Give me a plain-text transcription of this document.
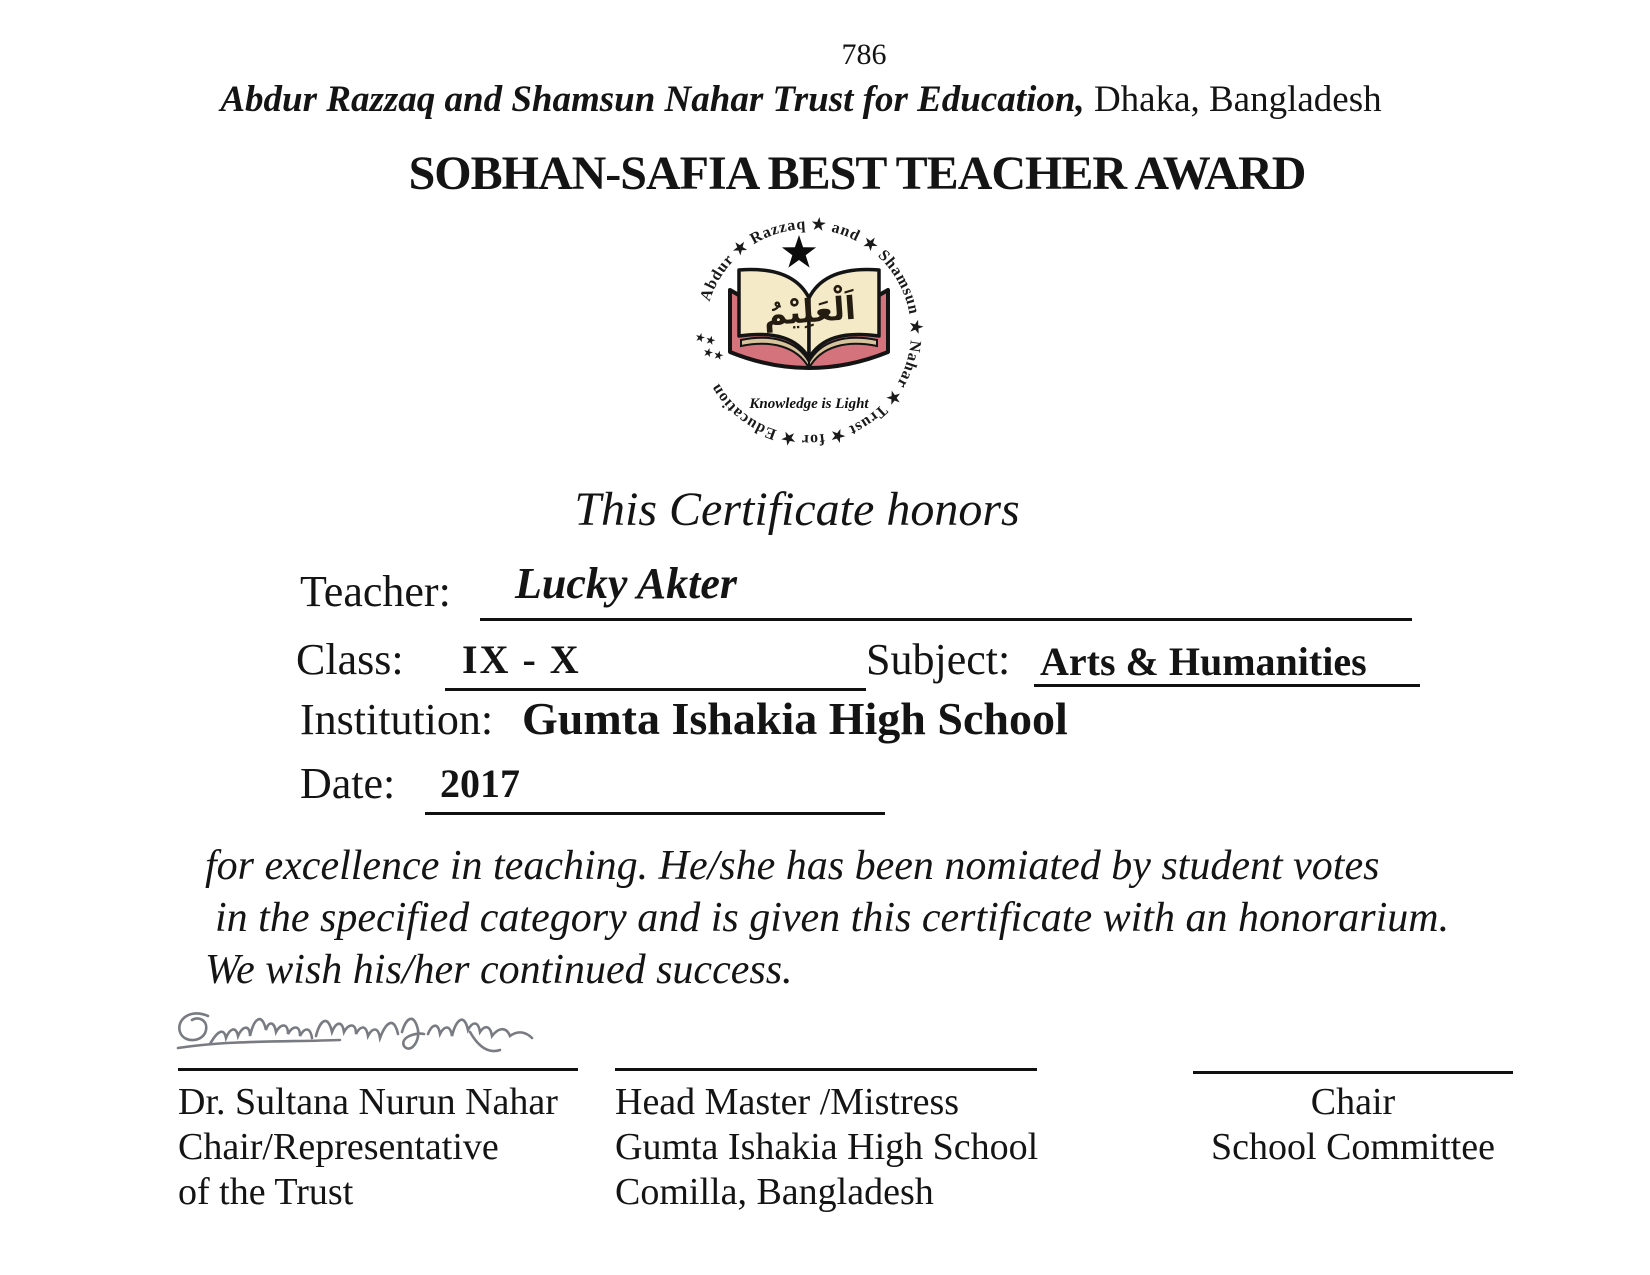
786
Abdur Razzaq and Shamsun Nahar Trust for Education, Dhaka, Bangladesh
SOBHAN-SAFIA BEST TEACHER AWARD
Abdur ★ Razzaq ★ and ★ Shamsun ★ Nahar ★ Trust ★ for ★ Education
★★
★★
اَلْعَلِيْمُ
Knowledge is Light
This Certificate honors
Teacher: Lucky Akter
Class: IX - X	Subject: Arts & Humanities
Institution: Gumta Ishakia High School
Date: 2017
for excellence in teaching. He/she has been nomiated by student votes
in the specified category and is given this certificate with an honorarium.
We wish his/her continued success.
Dr. Sultana Nurun Nahar
Chair/Representative
of the Trust
Head Master /Mistress
Gumta Ishakia High School
Comilla, Bangladesh
Chair
School Committee
